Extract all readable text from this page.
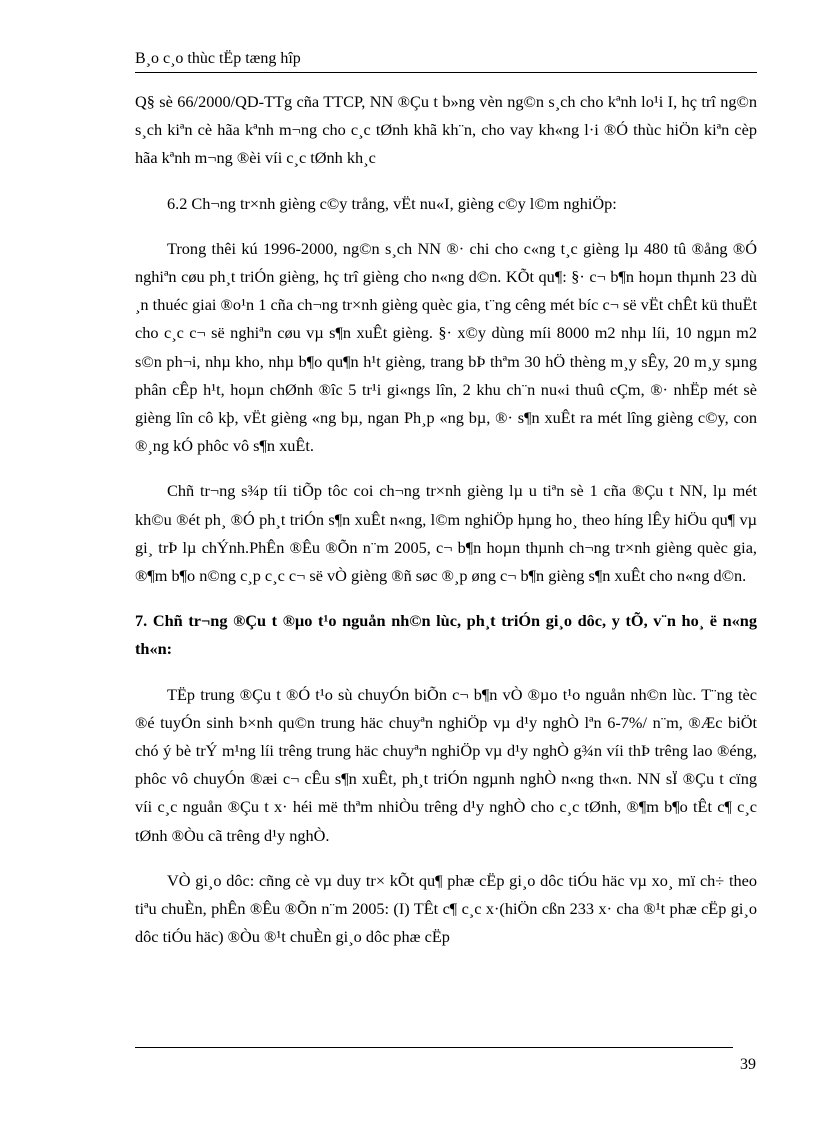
B¸o c¸o thùc tËp tæng hîp

Q§ sè 66/2000/QD-TTg cña TTCP, NN ®Çu t b»ng vèn ng©n s¸ch cho kªnh lo¹i I, hç trî ng©n s¸ch kiªn cè hãa kªnh m¬ng cho c¸c tØnh khã kh¨n, cho vay kh«ng l·i ®Ó thùc hiÖn kiªn cèp hãa kªnh m¬ng ®èi víi c¸c tØnh kh¸c

6.2 Ch¬ng tr×nh gièng c©y trång, vËt nu«I, gièng c©y l©m nghiÖp:

Trong thêi kú 1996-2000, ng©n s¸ch NN ®· chi cho c«ng t¸c gièng lµ 480 tû ®ång ®Ó nghiªn cøu ph¸t triÓn gièng, hç trî gièng cho n«ng d©n. KÕt qu¶: §· c¬ b¶n hoµn thµnh 23 dù ¸n thuéc giai ®o¹n 1 cña ch¬ng tr×nh gièng quèc gia, t¨ng cêng mét bíc c¬ së vËt chÊt kü thuËt cho c¸c c¬ së nghiªn cøu vµ s¶n xuÊt gièng. §· x©y dùng míi 8000 m2 nhµ líi, 10 ngµn m2 s©n ph¬i, nhµ kho, nhµ b¶o qu¶n h¹t gièng, trang bÞ thªm 30 hÖ thèng m¸y sÊy, 20 m¸y sµng phân cÊp h¹t, hoµn chØnh ®îc 5 tr¹i gi«ngs lîn, 2 khu ch¨n nu«i thuû cÇm, ®· nhËp mét sè gièng lîn cô kþ, vËt gièng «ng bµ, ngan Ph¸p «ng bµ, ®· s¶n xuÊt ra mét lîng gièng c©y, con ®¸ng kÓ phôc vô s¶n xuÊt.

Chñ tr¬ng s¾p tíi tiÕp tôc coi ch¬ng tr×nh gièng lµ u tiªn sè 1 cña ®Çu t NN, lµ mét kh©u ®ét ph¸ ®Ó ph¸t triÓn s¶n xuÊt n«ng, l©m nghiÖp hµng ho¸ theo híng lÊy hiÖu qu¶ vµ gi¸ trÞ lµ chÝnh.PhÊn ®Êu ®Õn n¨m 2005, c¬ b¶n hoµn thµnh ch¬ng tr×nh gièng quèc gia, ®¶m b¶o n©ng c¸p c¸c c¬ së vÒ gièng ®ñ søc ®¸p øng c¬ b¶n gièng s¶n xuÊt cho n«ng d©n.

7. Chñ tr¬ng ®Çu t ®µo t¹o nguån nh©n lùc, ph¸t triÓn gi¸o dôc, y tÕ, v¨n ho¸ ë n«ng th«n:

TËp trung ®Çu t ®Ó t¹o sù chuyÓn biÕn c¬ b¶n vÒ ®µo t¹o nguån nh©n lùc. T¨ng tèc ®é tuyÓn sinh b×nh qu©n trung häc chuyªn nghiÖp vµ d¹y nghÒ lªn 6-7%/ n¨m, ®Æc biÖt chó ý bè trÝ m¹ng líi trêng trung häc chuyªn nghiÖp vµ d¹y nghÒ g¾n víi thÞ trêng lao ®éng, phôc vô chuyÓn ®æi c¬ cÊu s¶n xuÊt, ph¸t triÓn ngµnh nghÒ n«ng th«n. NN sÏ ®Çu t cïng víi c¸c nguån ®Çu t x· héi më thªm nhiÒu trêng d¹y nghÒ cho c¸c tØnh, ®¶m b¶o tÊt c¶ c¸c tØnh ®Òu cã trêng d¹y nghÒ.

VÒ gi¸o dôc: cñng cè vµ duy tr× kÕt qu¶ phæ cËp gi¸o dôc tiÓu häc vµ xo¸ mï ch÷ theo tiªu chuÈn, phÊn ®Êu ®Õn n¨m 2005: (I) TÊt c¶ c¸c x·(hiÖn cßn 233 x· cha ®¹t phæ cËp gi¸o dôc tiÓu häc) ®Òu ®¹t chuÈn gi¸o dôc phæ cËp

39
